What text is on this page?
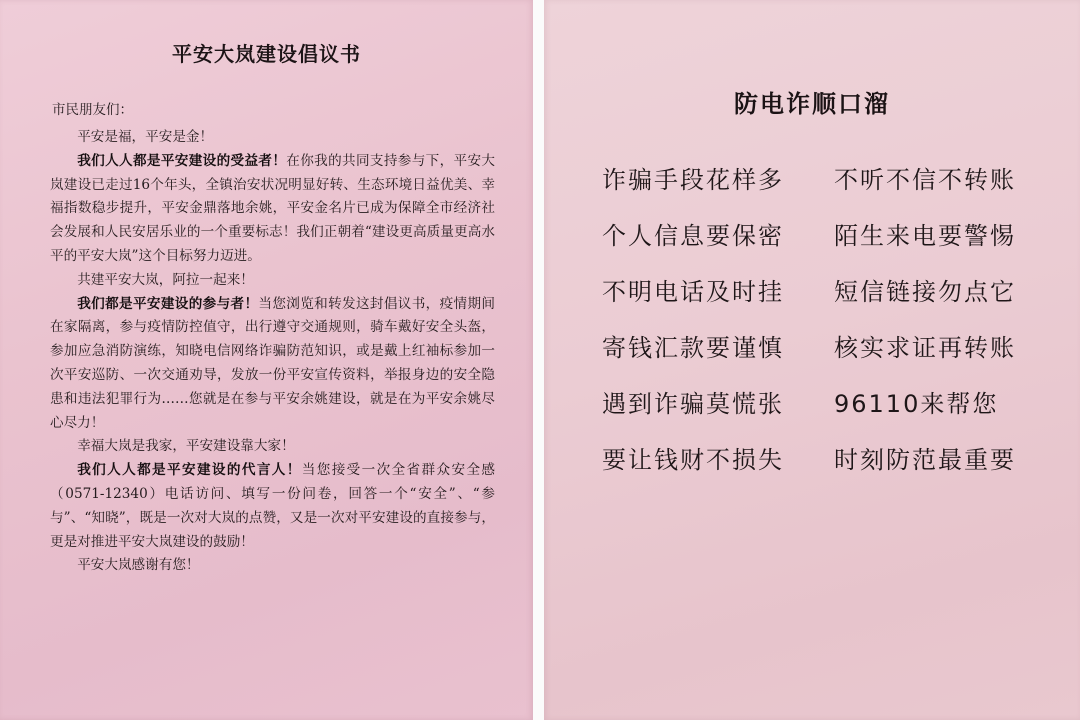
平安大岚建设倡议书
市民朋友们：

平安是福，平安是金！

我们人人都是平安建设的受益者！在你我的共同支持参与下，平安大岚建设已走过16个年头，全镇治安状况明显好转、生态环境日益优美、幸福指数稳步提升，平安金鼎落地余姚，平安金名片已成为保障全市经济社会发展和人民安居乐业的一个重要标志！我们正朝着“建设更高质量更高水平的平安大岚”这个目标努力迈进。

共建平安大岚，阿拉一起来！

我们都是平安建设的参与者！当您浏览和转发这封倡议书，疫情期间在家隔离，参与疫情防控值守，出行遵守交通规则，骑车戴好安全头盔，参加应急消防演练，知晓电信网络诈骗防范知识，或是戴上红袖标参加一次平安巡防、一次交通劝导，发放一份平安宣传资料，举报身边的安全隐患和违法犯罪行为……您就是在参与平安余姚建设，就是在为平安余姚尽心尽力！

幸福大岚是我家，平安建设靠大家！

我们人人都是平安建设的代言人！当您接受一次全省群众安全感（0571-12340）电话访问、填写一份问卷，回答一个“安全”、“参与”、“知晓”，既是一次对大岚的点赞，又是一次对平安建设的直接参与，更是对推进平安大岚建设的鼓励！

平安大岚感谢有您！

防电诈顺口溜
诈骗手段花样多 不听不信不转账
个人信息要保密 陌生来电要警惕
不明电话及时挂 短信链接勿点它
寄钱汇款要谨慎 核实求证再转账
遇到诈骗莫慌张 96110来帮您
要让钱财不损失 时刻防范最重要
